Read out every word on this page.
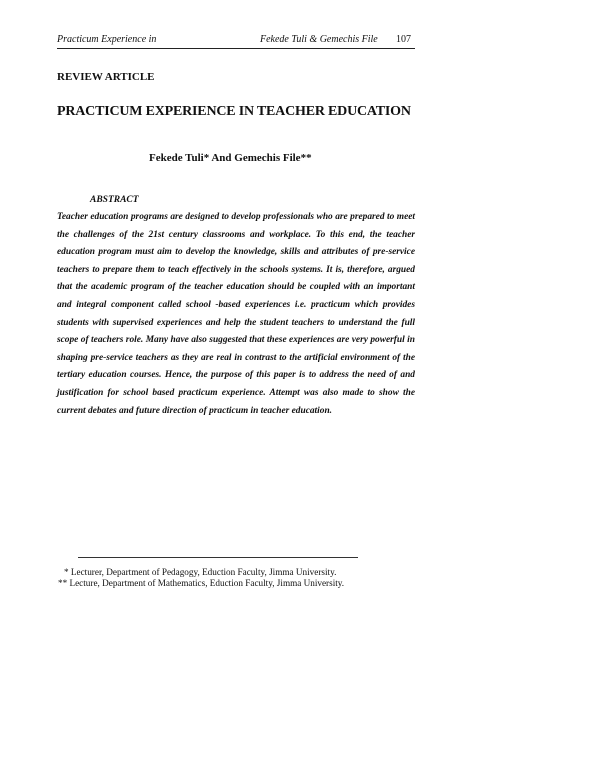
Practicum Experience in	Fekede Tuli & Gemechis File 107
REVIEW ARTICLE
PRACTICUM EXPERIENCE IN TEACHER EDUCATION
Fekede Tuli* And Gemechis File**
ABSTRACT
Teacher education programs are designed to develop professionals who are prepared to meet the challenges of the 21st century classrooms and workplace. To this end, the teacher education program must aim to develop the knowledge, skills and attributes of pre-service teachers to prepare them to teach effectively in the schools systems. It is, therefore, argued that the academic program of the teacher education should be coupled with an important and integral component called school -based experiences i.e. practicum which provides students with supervised experiences and help the student teachers to understand the full scope of teachers role. Many have also suggested that these experiences are very powerful in shaping pre-service teachers as they are real in contrast to the artificial environment of the tertiary education courses. Hence, the purpose of this paper is to address the need of and justification for school based practicum experience. Attempt was also made to show the current debates and future direction of practicum in teacher education.
* Lecturer, Department of Pedagogy, Eduction Faculty, Jimma University.
** Lecture, Department of Mathematics, Eduction Faculty, Jimma University.
